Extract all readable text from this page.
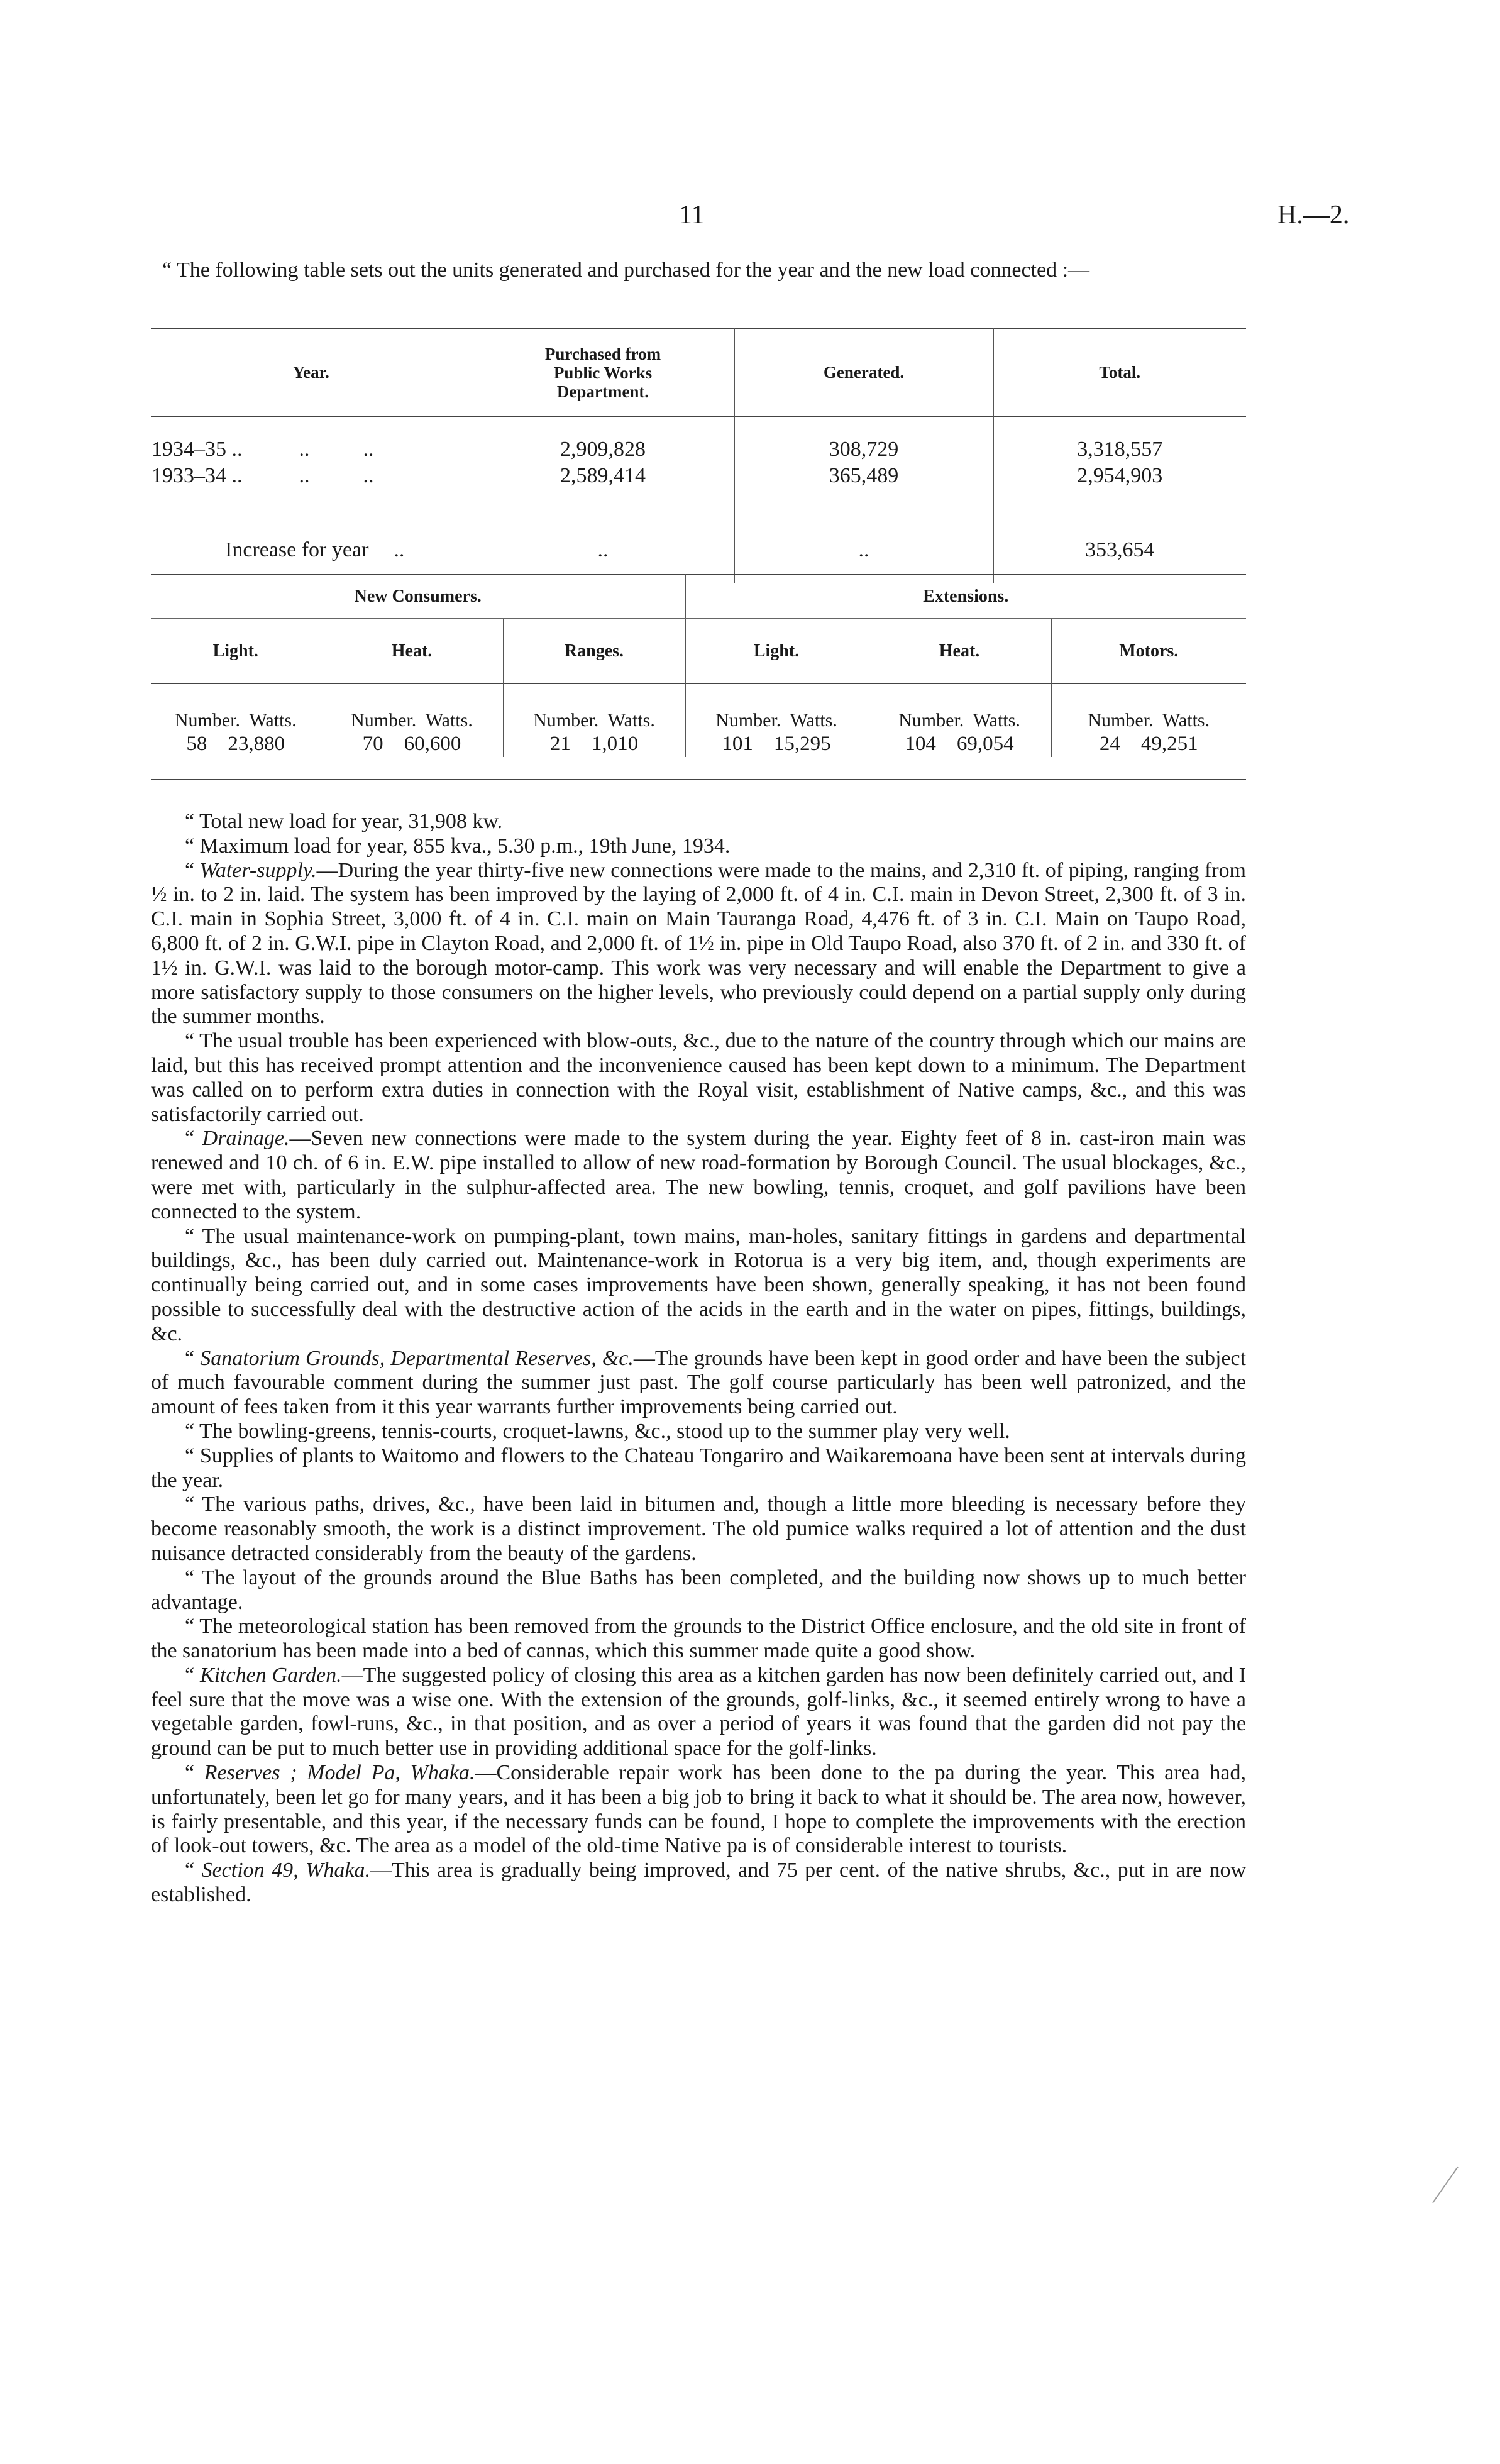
11	H.—2.
“ The following table sets out the units generated and purchased for the year and the new load connected :—
Year.	Purchased from Public Works Department.	Generated.	Total.

1934–35 .. ..          ..	2,909,828	308,729	3,318,557
1933–34 .. ..          ..	2,589,414	365,489	2,954,903

Increase for year ..	..	..	353,654
New Consumers.			Extensions.		
Light.	Heat.	Ranges.	Light.	Heat.	Motors.

Number. Watts.	Number. Watts.	Number. Watts.	Number. Watts.	Number. Watts.	Number. Watts.
58 23,880	70 60,600	21 1,010	101 15,295	104 69,054	24 49,251

“ Total new load for year, 31,908 kw.

“ Maximum load for year, 855 kva., 5.30 p.m., 19th June, 1934.

“ Water-supply.—During the year thirty-five new connections were made to the mains, and 2,310 ft. of piping, ranging from ½ in. to 2 in. laid. The system has been improved by the laying of 2,000 ft. of 4 in. C.I. main in Devon Street, 2,300 ft. of 3 in. C.I. main in Sophia Street, 3,000 ft. of 4 in. C.I. main on Main Tauranga Road, 4,476 ft. of 3 in. C.I. Main on Taupo Road, 6,800 ft. of 2 in. G.W.I. pipe in Clayton Road, and 2,000 ft. of 1½ in. pipe in Old Taupo Road, also 370 ft. of 2 in. and 330 ft. of 1½ in. G.W.I. was laid to the borough motor-camp. This work was very necessary and will enable the Department to give a more satisfactory supply to those consumers on the higher levels, who previously could depend on a partial supply only during the summer months.

“ The usual trouble has been experienced with blow-outs, &c., due to the nature of the country through which our mains are laid, but this has received prompt attention and the inconvenience caused has been kept down to a minimum. The Department was called on to perform extra duties in connection with the Royal visit, establishment of Native camps, &c., and this was satisfactorily carried out.

“ Drainage.—Seven new connections were made to the system during the year. Eighty feet of 8 in. cast-iron main was renewed and 10 ch. of 6 in. E.W. pipe installed to allow of new road-formation by Borough Council. The usual blockages, &c., were met with, particularly in the sulphur-affected area. The new bowling, tennis, croquet, and golf pavilions have been connected to the system.

“ The usual maintenance-work on pumping-plant, town mains, man-holes, sanitary fittings in gardens and departmental buildings, &c., has been duly carried out. Maintenance-work in Rotorua is a very big item, and, though experiments are continually being carried out, and in some cases improvements have been shown, generally speaking, it has not been found possible to successfully deal with the destructive action of the acids in the earth and in the water on pipes, fittings, buildings, &c.

“ Sanatorium Grounds, Departmental Reserves, &c.—The grounds have been kept in good order and have been the subject of much favourable comment during the summer just past. The golf course particularly has been well patronized, and the amount of fees taken from it this year warrants further improvements being carried out.

“ The bowling-greens, tennis-courts, croquet-lawns, &c., stood up to the summer play very well.

“ Supplies of plants to Waitomo and flowers to the Chateau Tongariro and Waikaremoana have been sent at intervals during the year.

“ The various paths, drives, &c., have been laid in bitumen and, though a little more bleeding is necessary before they become reasonably smooth, the work is a distinct improvement. The old pumice walks required a lot of attention and the dust nuisance detracted considerably from the beauty of the gardens.

“ The layout of the grounds around the Blue Baths has been completed, and the building now shows up to much better advantage.

“ The meteorological station has been removed from the grounds to the District Office enclosure, and the old site in front of the sanatorium has been made into a bed of cannas, which this summer made quite a good show.

“ Kitchen Garden.—The suggested policy of closing this area as a kitchen garden has now been definitely carried out, and I feel sure that the move was a wise one. With the extension of the grounds, golf-links, &c., it seemed entirely wrong to have a vegetable garden, fowl-runs, &c., in that position, and as over a period of years it was found that the garden did not pay the ground can be put to much better use in providing additional space for the golf-links.

“ Reserves ; Model Pa, Whaka.—Considerable repair work has been done to the pa during the year. This area had, unfortunately, been let go for many years, and it has been a big job to bring it back to what it should be. The area now, however, is fairly presentable, and this year, if the necessary funds can be found, I hope to complete the improvements with the erection of look-out towers, &c. The area as a model of the old-time Native pa is of considerable interest to tourists.

“ Section 49, Whaka.—This area is gradually being improved, and 75 per cent. of the native shrubs, &c., put in are now established.
